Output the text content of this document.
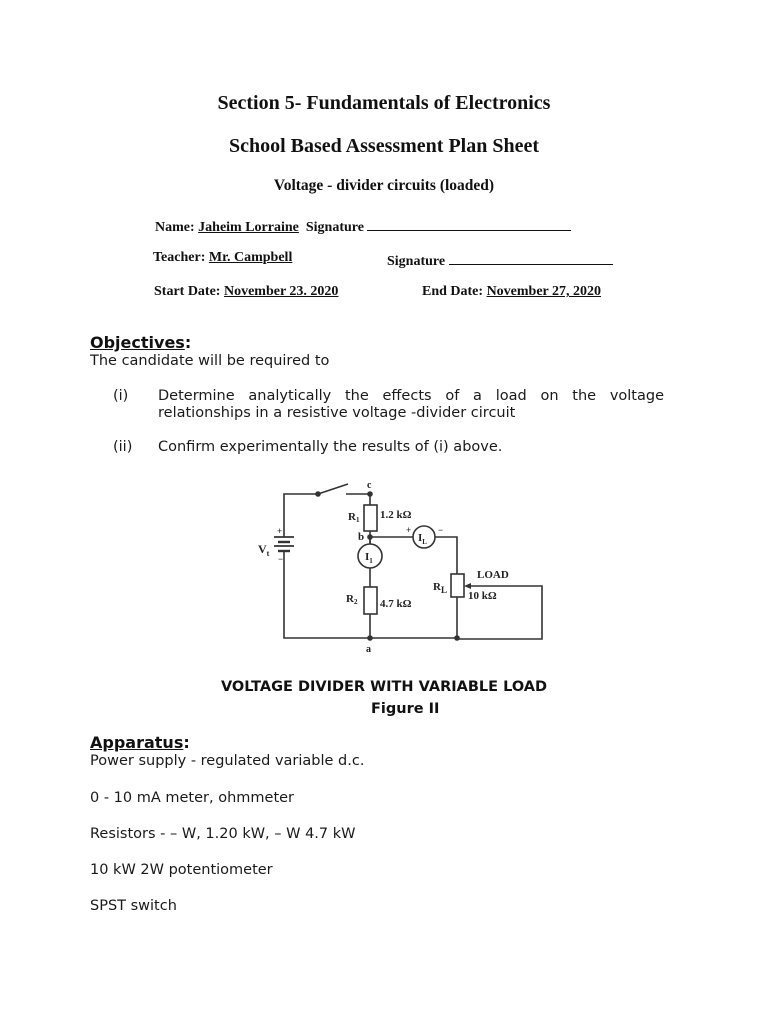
Section 5- Fundamentals of Electronics
School Based Assessment Plan Sheet
Voltage - divider circuits (loaded)
Name: Jaheim Lorraine Signature
Teacher: Mr. Campbell	Signature
Start Date: November 23. 2020	End Date: November 27, 2020
Objectives:
The candidate will be required to
(i) Determine analytically the effects of a load on the voltage relationships in a resistive voltage -divider circuit
(ii) Confirm experimentally the results of (i) above.
c
b
a
R1 1.2 kΩ
R2 4.7 kΩ
$R_L$ 10 kΩ
LOAD
$V_t$
+
−	$I_1$
$I_L$
+	−
VOLTAGE DIVIDER WITH VARIABLE LOAD
Figure II
Apparatus:
Power supply - regulated variable d.c.
0 - 10 mA meter, ohmmeter
Resistors - – W, 1.20 kW, – W 4.7 kW
10 kW 2W potentiometer
SPST switch
